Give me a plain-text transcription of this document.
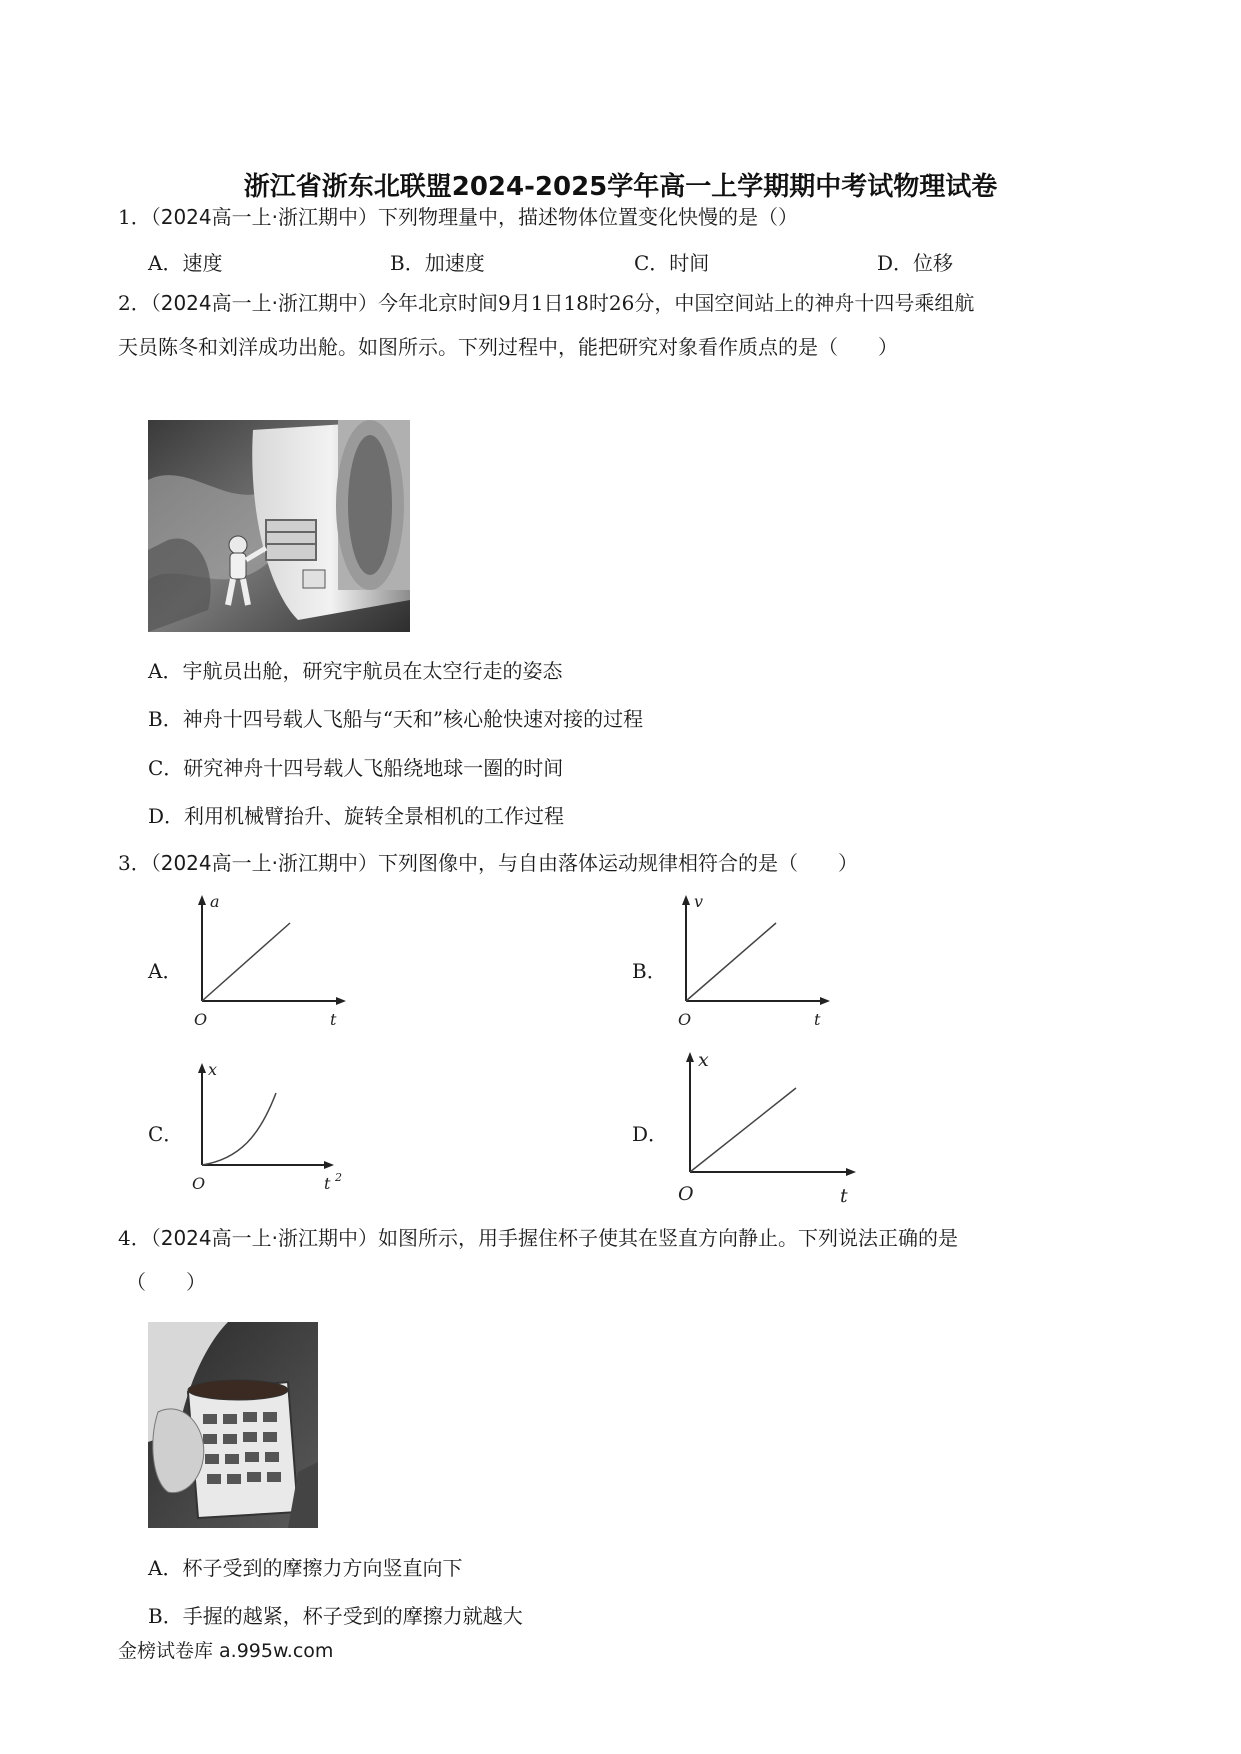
浙江省浙东北联盟2024-2025学年高一上学期期中考试物理试卷
1．（2024高一上·浙江期中）下列物理量中，描述物体位置变化快慢的是（）
A．速度	B．加速度	C．时间	D．位移
2．（2024高一上·浙江期中）今年北京时间9月1日18时26分，中国空间站上的神舟十四号乘组航
天员陈冬和刘洋成功出舱。如图所示。下列过程中，能把研究对象看作质点的是（　　）
A．宇航员出舱，研究宇航员在太空行走的姿态
B．神舟十四号载人飞船与“天和”核心舱快速对接的过程
C．研究神舟十四号载人飞船绕地球一圈的时间
D．利用机械臂抬升、旋转全景相机的工作过程
3．（2024高一上·浙江期中）下列图像中，与自由落体运动规律相符合的是（　　）
A．
a
O	t
B．
v
O	t
C．
x
O	t 2
D．
x
O	t
4．（2024高一上·浙江期中）如图所示，用手握住杯子使其在竖直方向静止。下列说法正确的是
（　　）
A．杯子受到的摩擦力方向竖直向下
B．手握的越紧，杯子受到的摩擦力就越大
金榜试卷库 a.995w.com
